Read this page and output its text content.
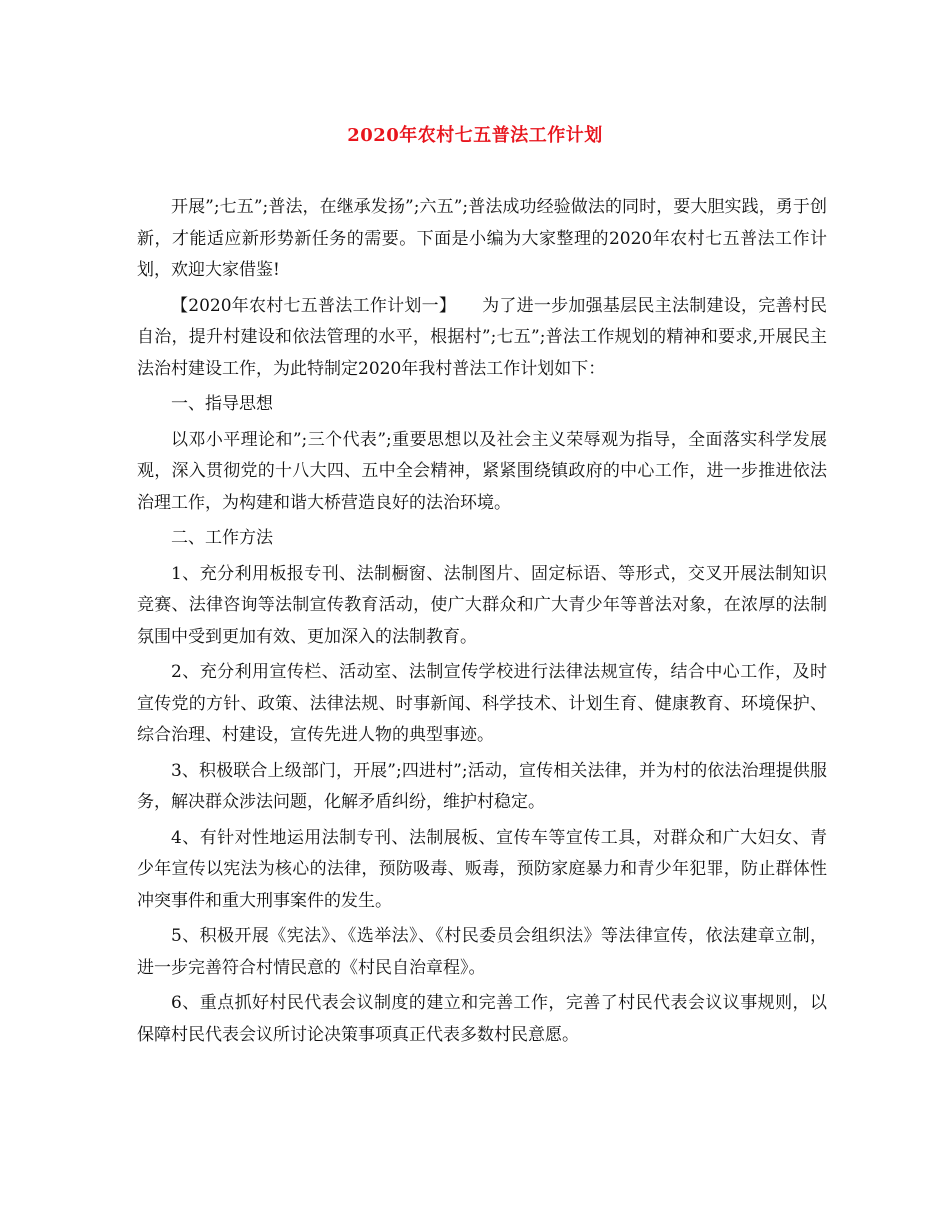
2020年农村七五普法工作计划

开展”;七五”;普法，在继承发扬”;六五”;普法成功经验做法的同时，要大胆实践，勇于创新，才能适应新形势新任务的需要。下面是小编为大家整理的2020年农村七五普法工作计划，欢迎大家借鉴!

【2020年农村七五普法工作计划一】　　为了进一步加强基层民主法制建设，完善村民自治，提升村建设和依法管理的水平，根据村”;七五”;普法工作规划的精神和要求,开展民主法治村建设工作，为此特制定2020年我村普法工作计划如下：

一、指导思想

以邓小平理论和”;三个代表”;重要思想以及社会主义荣辱观为指导，全面落实科学发展观，深入贯彻党的十八大四、五中全会精神，紧紧围绕镇政府的中心工作，进一步推进依法治理工作，为构建和谐大桥营造良好的法治环境。

二、工作方法

1、充分利用板报专刊、法制橱窗、法制图片、固定标语、等形式，交叉开展法制知识竞赛、法律咨询等法制宣传教育活动，使广大群众和广大青少年等普法对象，在浓厚的法制氛围中受到更加有效、更加深入的法制教育。

2、充分利用宣传栏、活动室、法制宣传学校进行法律法规宣传，结合中心工作，及时宣传党的方针、政策、法律法规、时事新闻、科学技术、计划生育、健康教育、环境保护、综合治理、村建设，宣传先进人物的典型事迹。

3、积极联合上级部门，开展”;四进村”;活动，宣传相关法律，并为村的依法治理提供服务，解决群众涉法问题，化解矛盾纠纷，维护村稳定。

4、有针对性地运用法制专刊、法制展板、宣传车等宣传工具，对群众和广大妇女、青少年宣传以宪法为核心的法律，预防吸毒、贩毒，预防家庭暴力和青少年犯罪，防止群体性冲突事件和重大刑事案件的发生。

5、积极开展《宪法》、《选举法》、《村民委员会组织法》等法律宣传，依法建章立制，进一步完善符合村情民意的《村民自治章程》。

6、重点抓好村民代表会议制度的建立和完善工作，完善了村民代表会议议事规则，以保障村民代表会议所讨论决策事项真正代表多数村民意愿。
